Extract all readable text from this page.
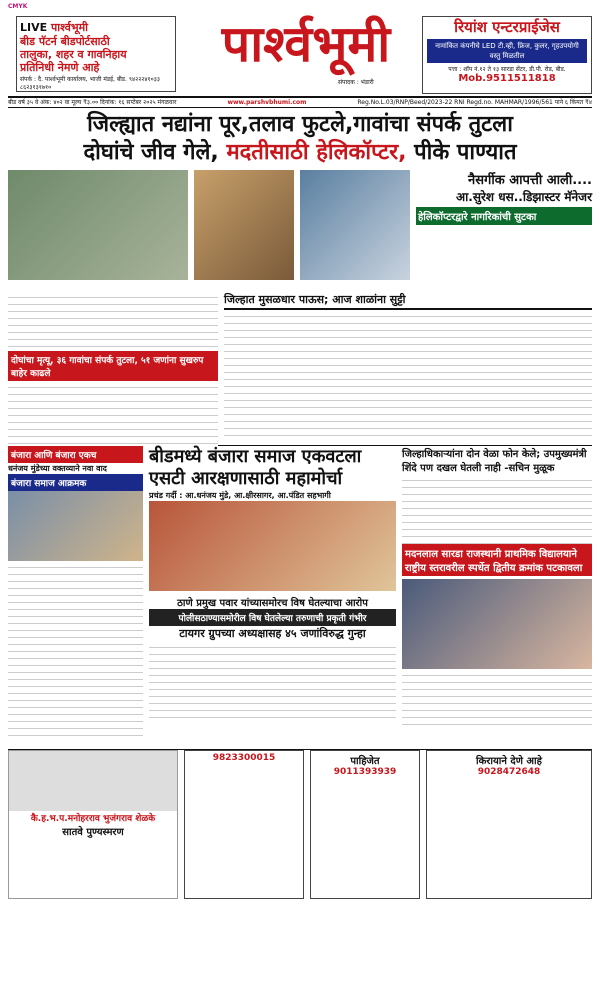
CMYK
LIVE पार्श्वभूमी
बीड पॅटर्न बीडपोर्टसाठी
तालुका, शहर व गावनिहाय
प्रतिनिधी नेमणे आहे
संपर्क : दै. पार्श्वभूमी कार्यालय, भाजी मंडई, बीड. ९४२२२४१०३३ ८६२३१३१७१०
पार्श्वभूमी
संपादक : भंडारी
रियांश एन्टरप्राईजेस
नामांकित कंपनीचे LED टी.व्ही, फ्रिज, कुलर, गृहउपयोगी वस्तु मिळतील
पत्ता : शॉप नं.१२ ते १३ सारडा सेंटर, डी.पी. रोड, बीड.
Mob.9511511818
बीड वर्ष ३५ वे अंक: ४०२ वा मूल्य ₹३.०० दिनांक: १६ सप्टेंबर २०२५ मंगळवार	www.parshvbhumi.com	Reg.No.L.03/RNP/Beed/2023-22 RNI Regd.no. MAHMAR/1996/561 पाने ६ किंमत ₹४
जिल्ह्यात नद्यांना पूर,तलाव फुटले,गावांचा संपर्क तुटला
दोघांचे जीव गेले, मदतीसाठी हेलिकॉप्टर, पीके पाण्यात
नैसर्गीक आपत्ती आली....
आ.सुरेश धस..डिझास्टर मॅनेजर
हेलिकॉप्टरद्वारे नागरिकांची सुटका
दोघांचा मृत्यू, ३६ गावांचा संपर्क तुटला, ५१ जणांना सुखरुप बाहेर काढले
जिल्हात मुसळधार पाऊस; आज शाळांना सुट्टी
बंजारा आणि बंजारा एकच
धनंजय मुंडेच्या वक्तव्याने नवा वाद
बंजारा समाज आक्रमक
बीडमध्ये बंजारा समाज एकवटला
एसटी आरक्षणासाठी महामोर्चा
प्रचंड गर्दी : आ.धनंजय मुंडे, आ.क्षीरसागर, आ.पंडित सहभागी
ठाणे प्रमुख पवार यांच्यासमोरच विष घेतल्याचा आरोप
पोलीसठाण्यासमोरील विष घेतलेल्या तरुणाची प्रकृती गंभीर
टायगर ग्रुपच्या अध्यक्षासह ४५ जणांविरुद्ध गुन्हा
जिल्हाधिकाऱ्यांना दोन वेळा फोन केले; उपमुख्यमंत्री शिंदे पण दखल घेतली नाही -सचिन मुळूक
मदनलाल सारडा राजस्थानी प्राथमिक विद्यालयाने राष्ट्रीय स्तरावरील स्पर्धेत द्वितीय क्रमांक पटकावला
कै.ह.भ.प.मनोहरराव भुजंगराव शेळके
सातवे पुण्यस्मरण
9823300015	पाहिजेत
9011393939
किरायाने देणे आहे
9028472648
